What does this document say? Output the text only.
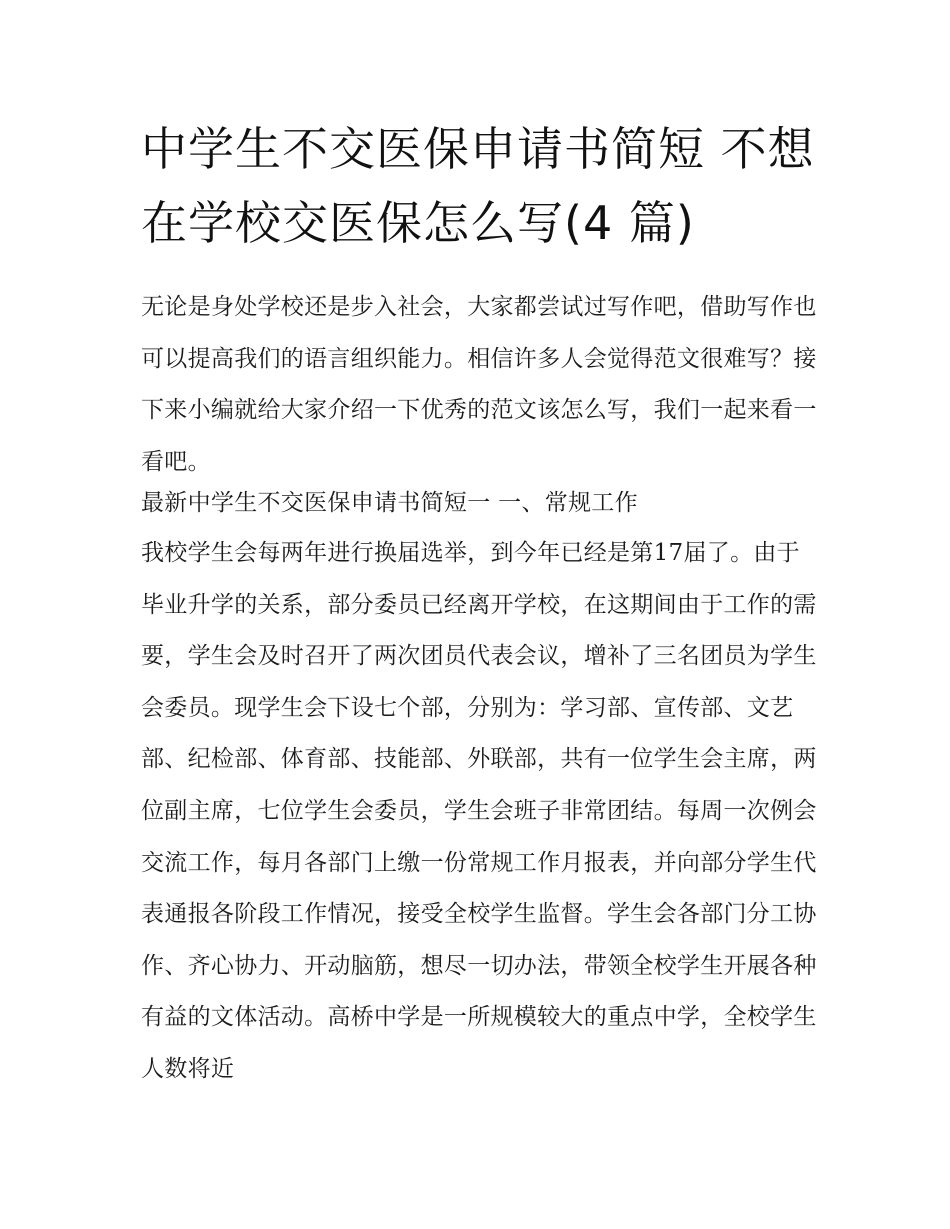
中学生不交医保申请书简短 不想在学校交医保怎么写(4 篇)

无论是身处学校还是步入社会，大家都尝试过写作吧，借助写作也可以提高我们的语言组织能力。相信许多人会觉得范文很难写？接下来小编就给大家介绍一下优秀的范文该怎么写，我们一起来看一看吧。

最新中学生不交医保申请书简短一 一、常规工作

我校学生会每两年进行换届选举，到今年已经是第17届了。由于毕业升学的关系，部分委员已经离开学校，在这期间由于工作的需要，学生会及时召开了两次团员代表会议，增补了三名团员为学生会委员。现学生会下设七个部，分别为：学习部、宣传部、文艺部、纪检部、体育部、技能部、外联部，共有一位学生会主席，两位副主席，七位学生会委员，学生会班子非常团结。每周一次例会交流工作，每月各部门上缴一份常规工作月报表，并向部分学生代表通报各阶段工作情况，接受全校学生监督。学生会各部门分工协作、齐心协力、开动脑筋，想尽一切办法，带领全校学生开展各种有益的文体活动。高桥中学是一所规模较大的重点中学，全校学生人数将近
